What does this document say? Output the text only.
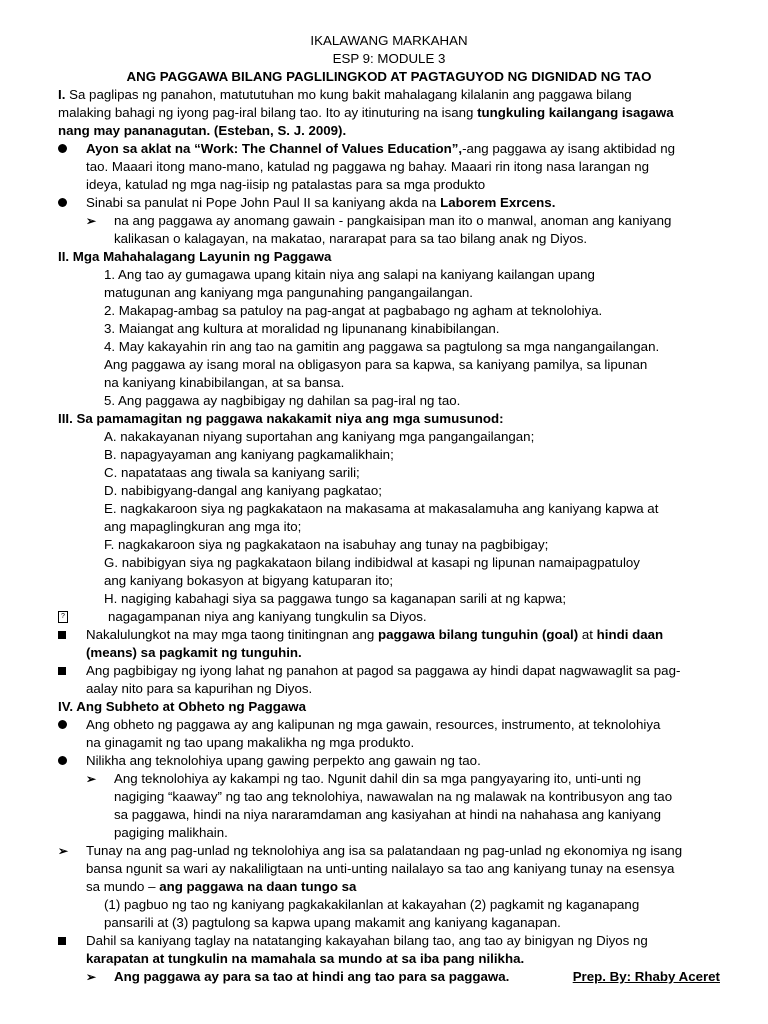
IKALAWANG MARKAHAN
ESP 9: MODULE 3
ANG PAGGAWA BILANG PAGLILINGKOD AT PAGTAGUYOD NG DIGNIDAD NG TAO
I. Sa paglipas ng panahon, matututuhan mo kung bakit mahalagang kilalanin ang paggawa bilang
malaking bahagi ng iyong pag-iral bilang tao. Ito ay itinuturing na isang tungkuling kailangang isagawa
nang may pananagutan. (Esteban, S. J. 2009).
Ayon sa aklat na “Work: The Channel of Values Education”,-ang paggawa ay isang aktibidad ng
tao. Maaari itong mano-mano, katulad ng paggawa ng bahay. Maaari rin itong nasa larangan ng
ideya, katulad ng mga nag-iisip ng patalastas para sa mga produkto
Sinabi sa panulat ni Pope John Paul II sa kaniyang akda na Laborem Exrcens.
➢ na ang paggawa ay anomang gawain - pangkaisipan man ito o manwal, anoman ang kaniyang
kalikasan o kalagayan, na makatao, nararapat para sa tao bilang anak ng Diyos.
II. Mga Mahahalagang Layunin ng Paggawa
1. Ang tao ay gumagawa upang kitain niya ang salapi na kaniyang kailangan upang
matugunan ang kaniyang mga pangunahing pangangailangan.
2. Makapag-ambag sa patuloy na pag-angat at pagbabago ng agham at teknolohiya.
3. Maiangat ang kultura at moralidad ng lipunanang kinabibilangan.
4. May kakayahin rin ang tao na gamitin ang paggawa sa pagtulong sa mga nangangailangan.
Ang paggawa ay isang moral na obligasyon para sa kapwa, sa kaniyang pamilya, sa lipunan
na kaniyang kinabibilangan, at sa bansa.
5. Ang paggawa ay nagbibigay ng dahilan sa pag-iral ng tao.
III. Sa pamamagitan ng paggawa nakakamit niya ang mga sumusunod:
A. nakakayanan niyang suportahan ang kaniyang mga pangangailangan;
B. napagyayaman ang kaniyang pagkamalikhain;
C. napatataas ang tiwala sa kaniyang sarili;
D. nabibigyang-dangal ang kaniyang pagkatao;
E. nagkakaroon siya ng pagkakataon na makasama at makasalamuha ang kaniyang kapwa at
ang mapaglingkuran ang mga ito;
F. nagkakaroon siya ng pagkakataon na isabuhay ang tunay na pagbibigay;
G. nabibigyan siya ng pagkakataon bilang indibidwal at kasapi ng lipunan namaipagpatuloy
ang kaniyang bokasyon at bigyang katuparan ito;
H. nagiging kabahagi siya sa paggawa tungo sa kaganapan sarili at ng kapwa;
?	nagagampanan niya ang kaniyang tungkulin sa Diyos.
Nakalulungkot na may mga taong tinitingnan ang paggawa bilang tunguhin (goal) at hindi daan
(means) sa pagkamit ng tunguhin.
Ang pagbibigay ng iyong lahat ng panahon at pagod sa paggawa ay hindi dapat nagwawaglit sa pag-
aalay nito para sa kapurihan ng Diyos.
IV. Ang Subheto at Obheto ng Paggawa
Ang obheto ng paggawa ay ang kalipunan ng mga gawain, resources, instrumento, at teknolohiya
na ginagamit ng tao upang makalikha ng mga produkto.
Nilikha ang teknolohiya upang gawing perpekto ang gawain ng tao.
➢ Ang teknolohiya ay kakampi ng tao. Ngunit dahil din sa mga pangyayaring ito, unti-unti ng
nagiging “kaaway” ng tao ang teknolohiya, nawawalan na ng malawak na kontribusyon ang tao
sa paggawa, hindi na niya nararamdaman ang kasiyahan at hindi na nahahasa ang kaniyang
pagiging malikhain.
➢ Tunay na ang pag-unlad ng teknolohiya ang isa sa palatandaan ng pag-unlad ng ekonomiya ng isang
bansa ngunit sa wari ay nakaliligtaan na unti-unting nailalayo sa tao ang kaniyang tunay na esensya
sa mundo – ang paggawa na daan tungo sa
(1) pagbuo ng tao ng kaniyang pagkakakilanlan at kakayahan (2) pagkamit ng kaganapang
pansarili at (3) pagtulong sa kapwa upang makamit ang kaniyang kaganapan.
Dahil sa kaniyang taglay na natatanging kakayahan bilang tao, ang tao ay binigyan ng Diyos ng
karapatan at tungkulin na mamahala sa mundo at sa iba pang nilikha.
➢ Ang paggawa ay para sa tao at hindi ang tao para sa paggawa.	Prep. By: Rhaby Aceret
